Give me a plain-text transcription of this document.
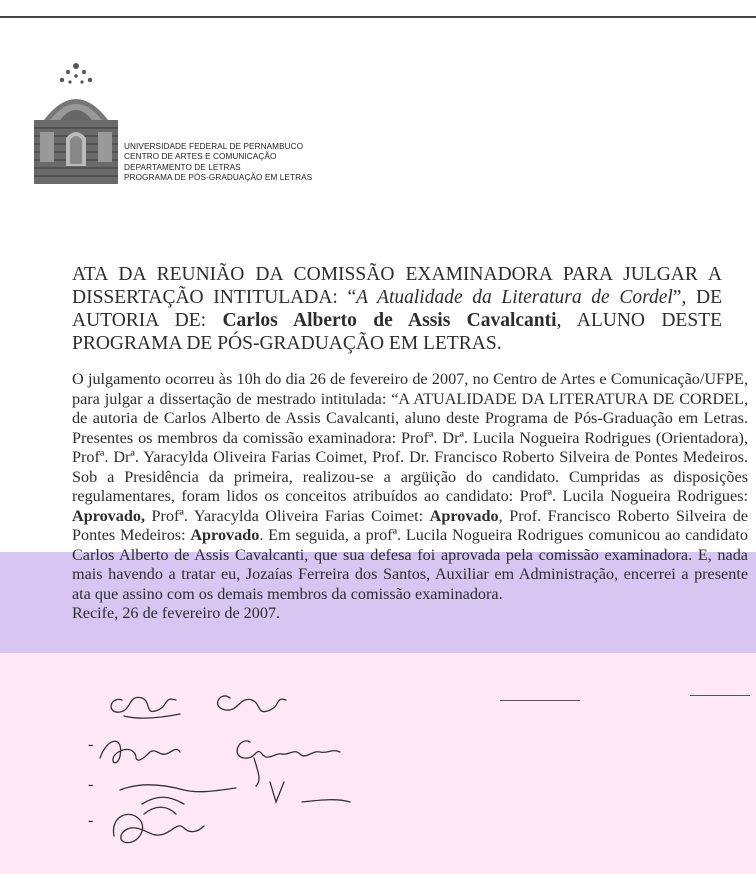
UNIVERSIDADE FEDERAL DE PERNAMBUCO
CENTRO DE ARTES E COMUNICAÇÃO
DEPARTAMENTO DE LETRAS
PROGRAMA DE PÓS-GRADUAÇÃO EM LETRAS
ATA DA REUNIÃO DA COMISSÃO EXAMINADORA PARA JULGAR A DISSERTAÇÃO INTITULADA: “A Atualidade da Literatura de Cordel”, DE AUTORIA DE: Carlos Alberto de Assis Cavalcanti, ALUNO DESTE PROGRAMA DE PÓS-GRADUAÇÃO EM LETRAS.
O julgamento ocorreu às 10h do dia 26 de fevereiro de 2007, no Centro de Artes e Comunicação/UFPE, para julgar a dissertação de mestrado intitulada: “A ATUALIDADE DA LITERATURA DE CORDEL, de autoria de Carlos Alberto de Assis Cavalcanti, aluno deste Programa de Pós-Graduação em Letras. Presentes os membros da comissão examinadora: Profª. Drª. Lucila Nogueira Rodrigues (Orientadora), Profª. Drª. Yaracylda Oliveira Farias Coimet, Prof. Dr. Francisco Roberto Silveira de Pontes Medeiros. Sob a Presidência da primeira, realizou-se a argüição do candidato. Cumpridas as disposições regulamentares, foram lidos os conceitos atribuídos ao candidato: Profª. Lucila Nogueira Rodrigues: Aprovado, Profª. Yaracylda Oliveira Farias Coimet: Aprovado, Prof. Francisco Roberto Silveira de Pontes Medeiros: Aprovado. Em seguida, a profª. Lucila Nogueira Rodrigues comunicou ao candidato Carlos Alberto de Assis Cavalcanti, que sua defesa foi aprovada pela comissão examinadora. E, nada mais havendo a tratar eu, Jozaías Ferreira dos Santos, Auxiliar em Administração, encerrei a presente ata que assino com os demais membros da comissão examinadora.
Recife, 26 de fevereiro de 2007.
-
-
-
